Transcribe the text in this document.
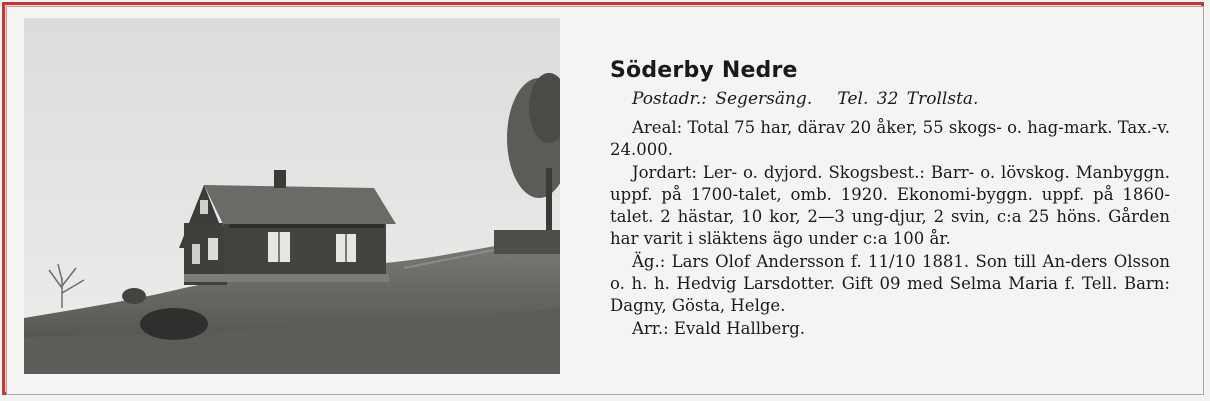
Söderby Nedre
Postadr.: Segersäng.   Tel. 32 Trollsta.

Areal: Total 75 har, därav 20 åker, 55 skogs- o. hag-mark. Tax.-v. 24.000.

Jordart: Ler- o. dyjord. Skogsbest.: Barr- o. lövskog. Manbyggn. uppf. på 1700-talet, omb. 1920. Ekonomi-byggn. uppf. på 1860-talet. 2 hästar, 10 kor, 2—3 ung-djur, 2 svin, c:a 25 höns. Gården har varit i släktens ägo under c:a 100 år.

Äg.: Lars Olof Andersson f. 11/10 1881. Son till An-ders Olsson o. h. h. Hedvig Larsdotter. Gift 09 med Selma Maria f. Tell. Barn: Dagny, Gösta, Helge.

Arr.: Evald Hallberg.
